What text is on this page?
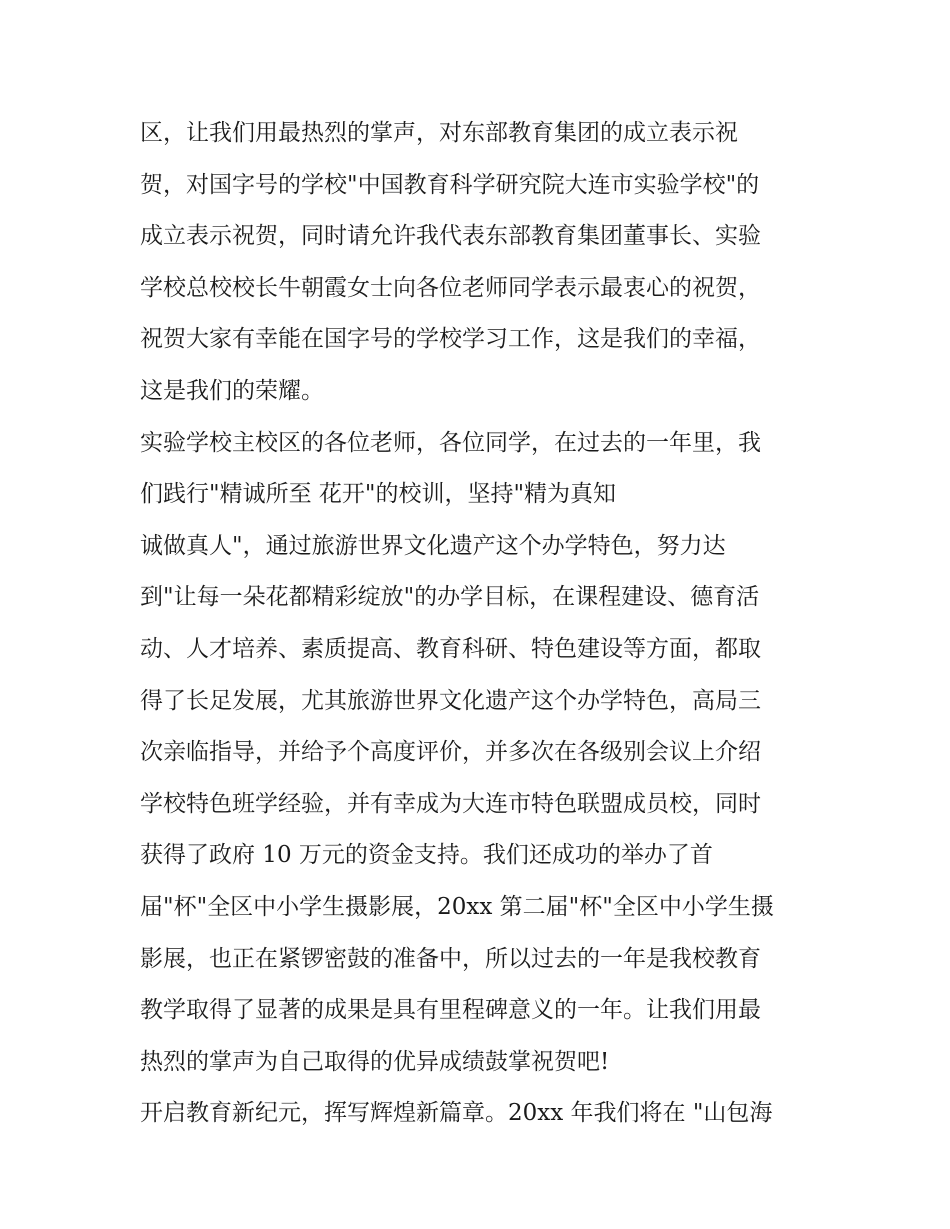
区，让我们用最热烈的掌声，对东部教育集团的成立表示祝
贺，对国字号的学校"中国教育科学研究院大连市实验学校"的
成立表示祝贺，同时请允许我代表东部教育集团董事长、实验
学校总校校长牛朝霞女士向各位老师同学表示最衷心的祝贺，
祝贺大家有幸能在国字号的学校学习工作，这是我们的幸福，
这是我们的荣耀。
实验学校主校区的各位老师，各位同学，在过去的一年里，我
们践行"精诚所至 花开"的校训，坚持"精为真知
诚做真人"，通过旅游世界文化遗产这个办学特色，努力达
到"让每一朵花都精彩绽放"的办学目标，在课程建设、德育活
动、人才培养、素质提高、教育科研、特色建设等方面，都取
得了长足发展，尤其旅游世界文化遗产这个办学特色，高局三
次亲临指导，并给予个高度评价，并多次在各级别会议上介绍
学校特色班学经验，并有幸成为大连市特色联盟成员校，同时
获得了政府 10 万元的资金支持。我们还成功的举办了首
届"杯"全区中小学生摄影展，20xx 第二届"杯"全区中小学生摄
影展，也正在紧锣密鼓的准备中，所以过去的一年是我校教育
教学取得了显著的成果是具有里程碑意义的一年。让我们用最
热烈的掌声为自己取得的优异成绩鼓掌祝贺吧!
开启教育新纪元，挥写辉煌新篇章。20xx 年我们将在 "山包海
